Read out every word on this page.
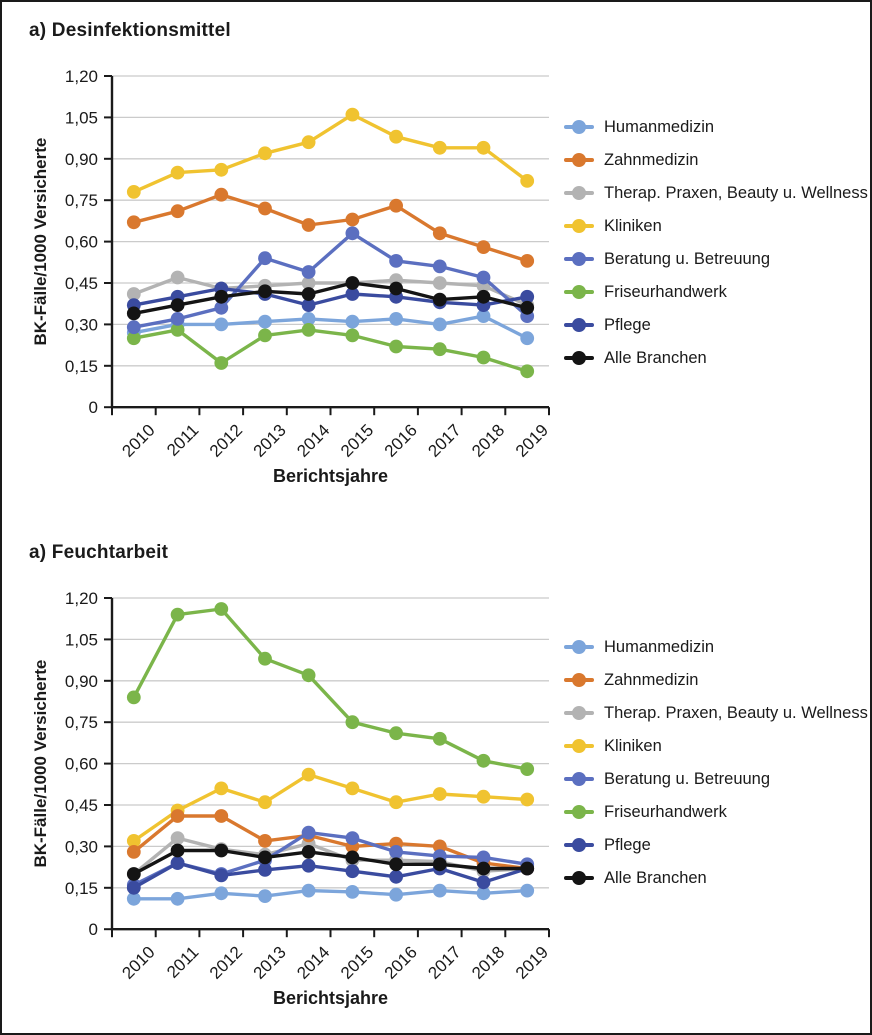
a) Desinfektionsmittel
0
0,15
0,30
0,45
0,60
0,75
0,90
1,05
1,20
2010 2011 2012 2013 2014 2015 2016 2017 2018 2019
BK-Fälle/1000 Versicherte
Berichtsjahre
Humanmedizin
Zahnmedizin
Therap. Praxen, Beauty u. Wellness
Kliniken
Beratung u. Betreuung
Friseurhandwerk
Pflege
Alle Branchen
a) Feuchtarbeit
0
0,15
0,30
0,45
0,60
0,75
0,90
1,05
1,20
2010 2011 2012 2013 2014 2015 2016 2017 2018 2019
BK-Fälle/1000 Versicherte
Berichtsjahre
Humanmedizin
Zahnmedizin
Therap. Praxen, Beauty u. Wellness
Kliniken
Beratung u. Betreuung
Friseurhandwerk
Pflege
Alle Branchen
